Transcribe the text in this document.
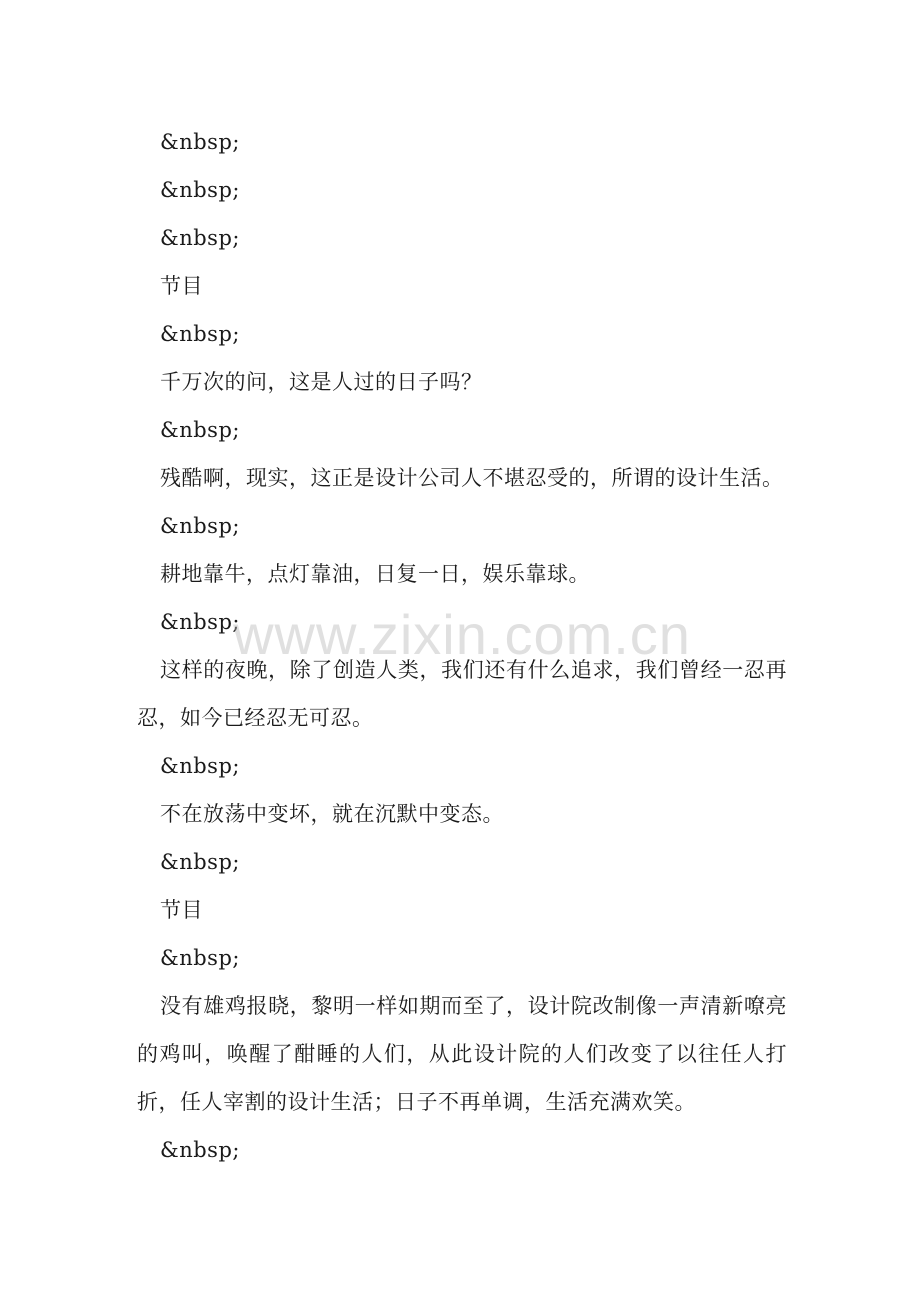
&nbsp;

&nbsp;

&nbsp;

节目

&nbsp;

千万次的问，这是人过的日子吗？

&nbsp;

残酷啊，现实，这正是设计公司人不堪忍受的，所谓的设计生活。

&nbsp;

耕地靠牛，点灯靠油，日复一日，娱乐靠球。

&nbsp;

这样的夜晚，除了创造人类，我们还有什么追求，我们曾经一忍再忍，如今已经忍无可忍。

&nbsp;

不在放荡中变坏，就在沉默中变态。

&nbsp;

节目

&nbsp;

没有雄鸡报晓，黎明一样如期而至了，设计院改制像一声清新嘹亮的鸡叫，唤醒了酣睡的人们，从此设计院的人们改变了以往任人打折，任人宰割的设计生活；日子不再单调，生活充满欢笑。

&nbsp;

www.zixin.com.cn
